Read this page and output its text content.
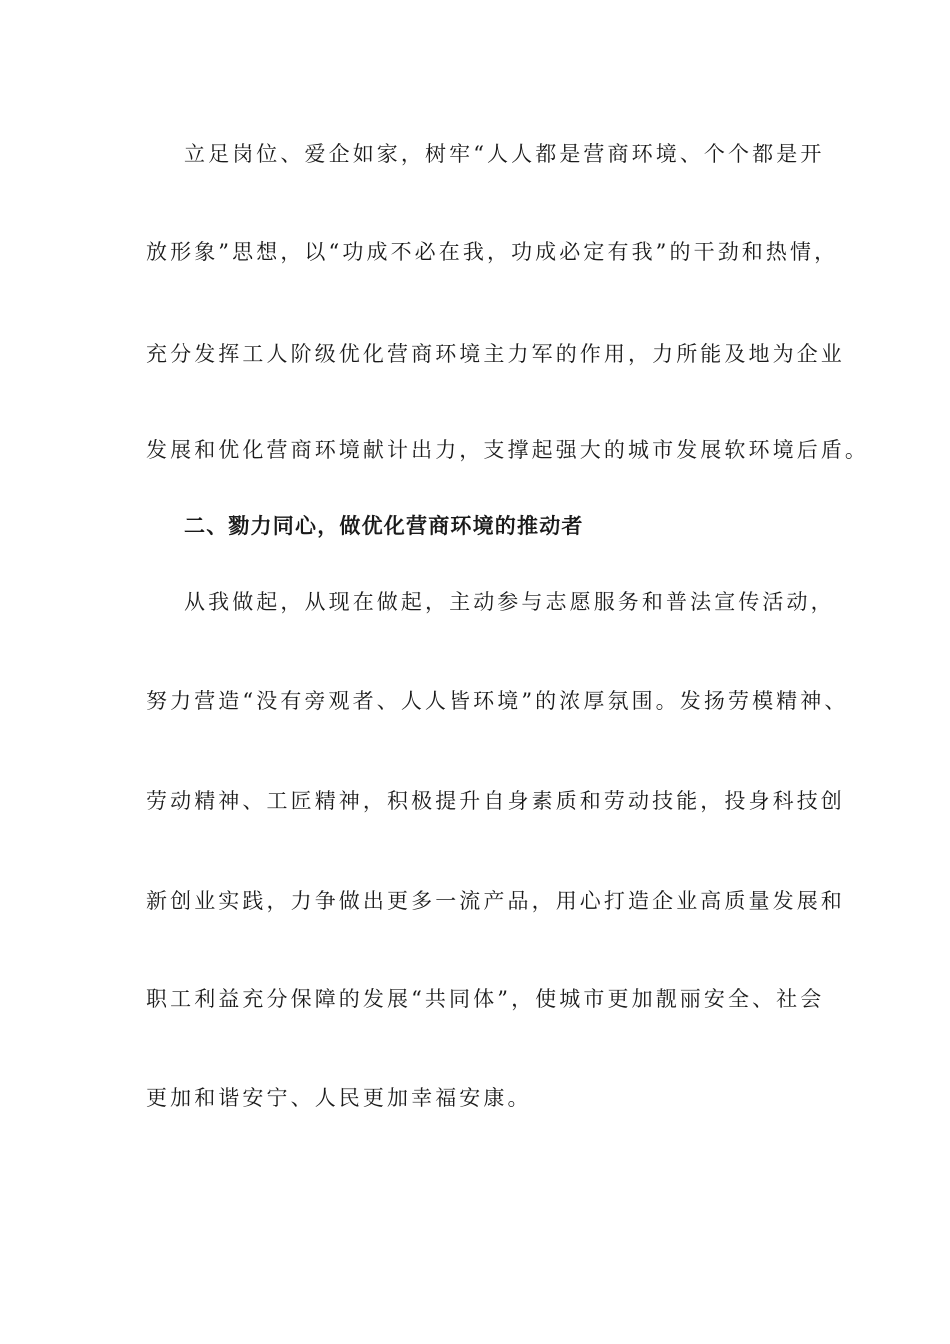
立足岗位、爱企如家，树牢“人人都是营商环境、个个都是开
放形象”思想，以“功成不必在我，功成必定有我”的干劲和热情，
充分发挥工人阶级优化营商环境主力军的作用，力所能及地为企业
发展和优化营商环境献计出力，支撑起强大的城市发展软环境后盾。
二、勠力同心，做优化营商环境的推动者
从我做起，从现在做起，主动参与志愿服务和普法宣传活动，
努力营造“没有旁观者、人人皆环境”的浓厚氛围。发扬劳模精神、
劳动精神、工匠精神，积极提升自身素质和劳动技能，投身科技创
新创业实践，力争做出更多一流产品，用心打造企业高质量发展和
职工利益充分保障的发展“共同体”，使城市更加靓丽安全、社会
更加和谐安宁、人民更加幸福安康。
